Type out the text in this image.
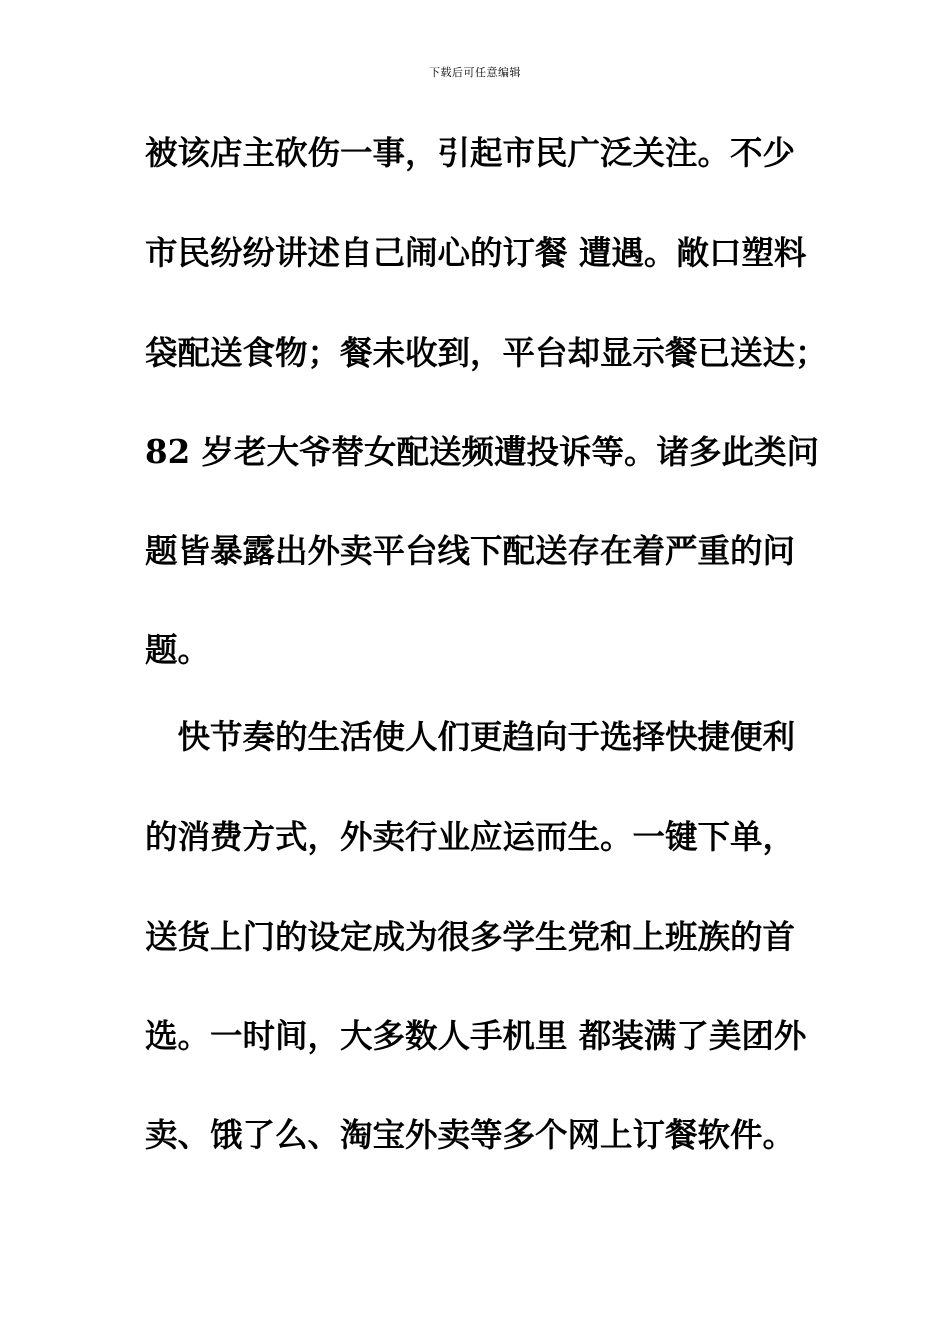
下载后可任意编辑
被该店主砍伤一事，引起市民广泛关注。不少
市民纷纷讲述自己闹心的订餐 遭遇。敞口塑料
袋配送食物；餐未收到，平台却显示餐已送达；
82 岁老大爷替女配送频遭投诉等。诸多此类问
题皆暴露出外卖平台线下配送存在着严重的问
题。
　快节奏的生活使人们更趋向于选择快捷便利
的消费方式，外卖行业应运而生。一键下单，
送货上门的设定成为很多学生党和上班族的首
选。一时间，大多数人手机里 都装满了美团外
卖、饿了么、淘宝外卖等多个网上订餐软件。
